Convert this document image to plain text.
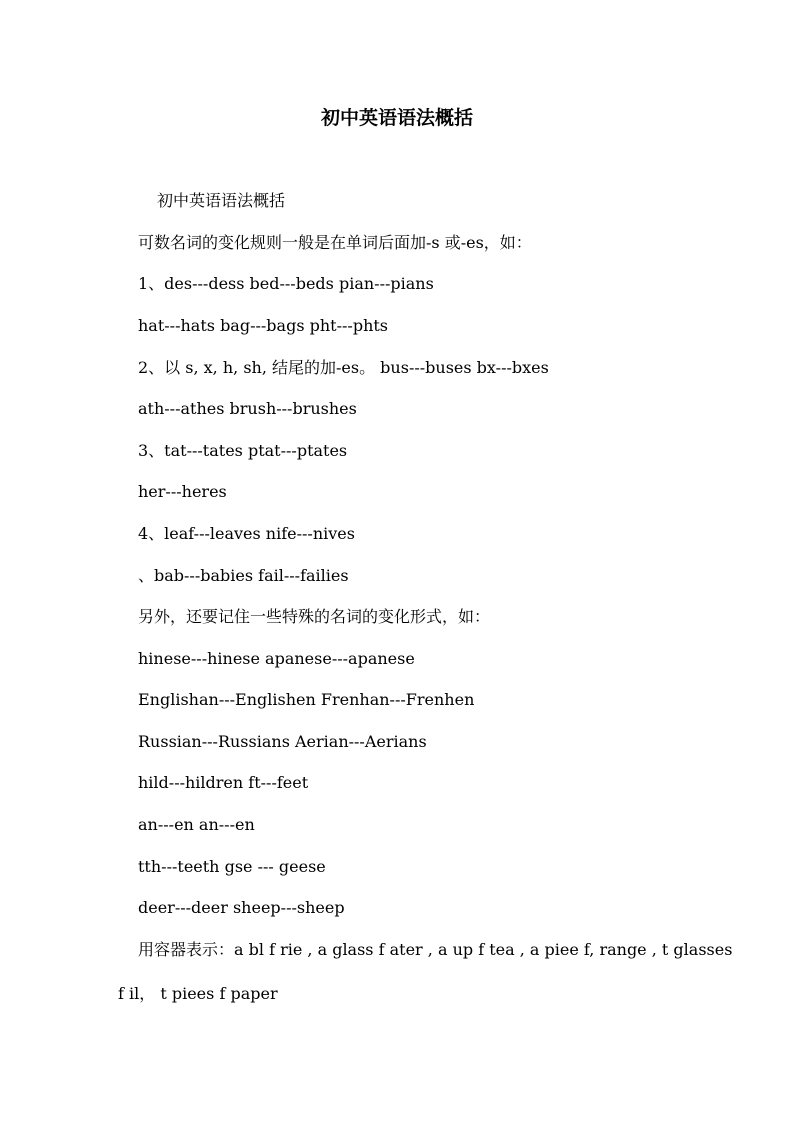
初中英语语法概括
初中英语语法概括
可数名词的变化规则一般是在单词后面加-s 或-es，如：
1、des---dess bed---beds pian---pians
hat---hats bag---bags pht---phts
2、以 s, x, h, sh, 结尾的加-es。 bus---buses bx---bxes
ath---athes brush---brushes
3、tat---tates ptat---ptates
her---heres
4、leaf---leaves nife---nives
、bab---babies fail---failies
另外，还要记住一些特殊的名词的变化形式，如：
hinese---hinese apanese---apanese
Englishan---Englishen Frenhan---Frenhen
Russian---Russians Aerian---Aerians
hild---hildren ft---feet
an---en an---en
tth---teeth gse --- geese
deer---deer sheep---sheep
用容器表示：a bl f rie , a glass f ater , a up f tea , a piee f, range , t glasses
f il， t piees f paper
